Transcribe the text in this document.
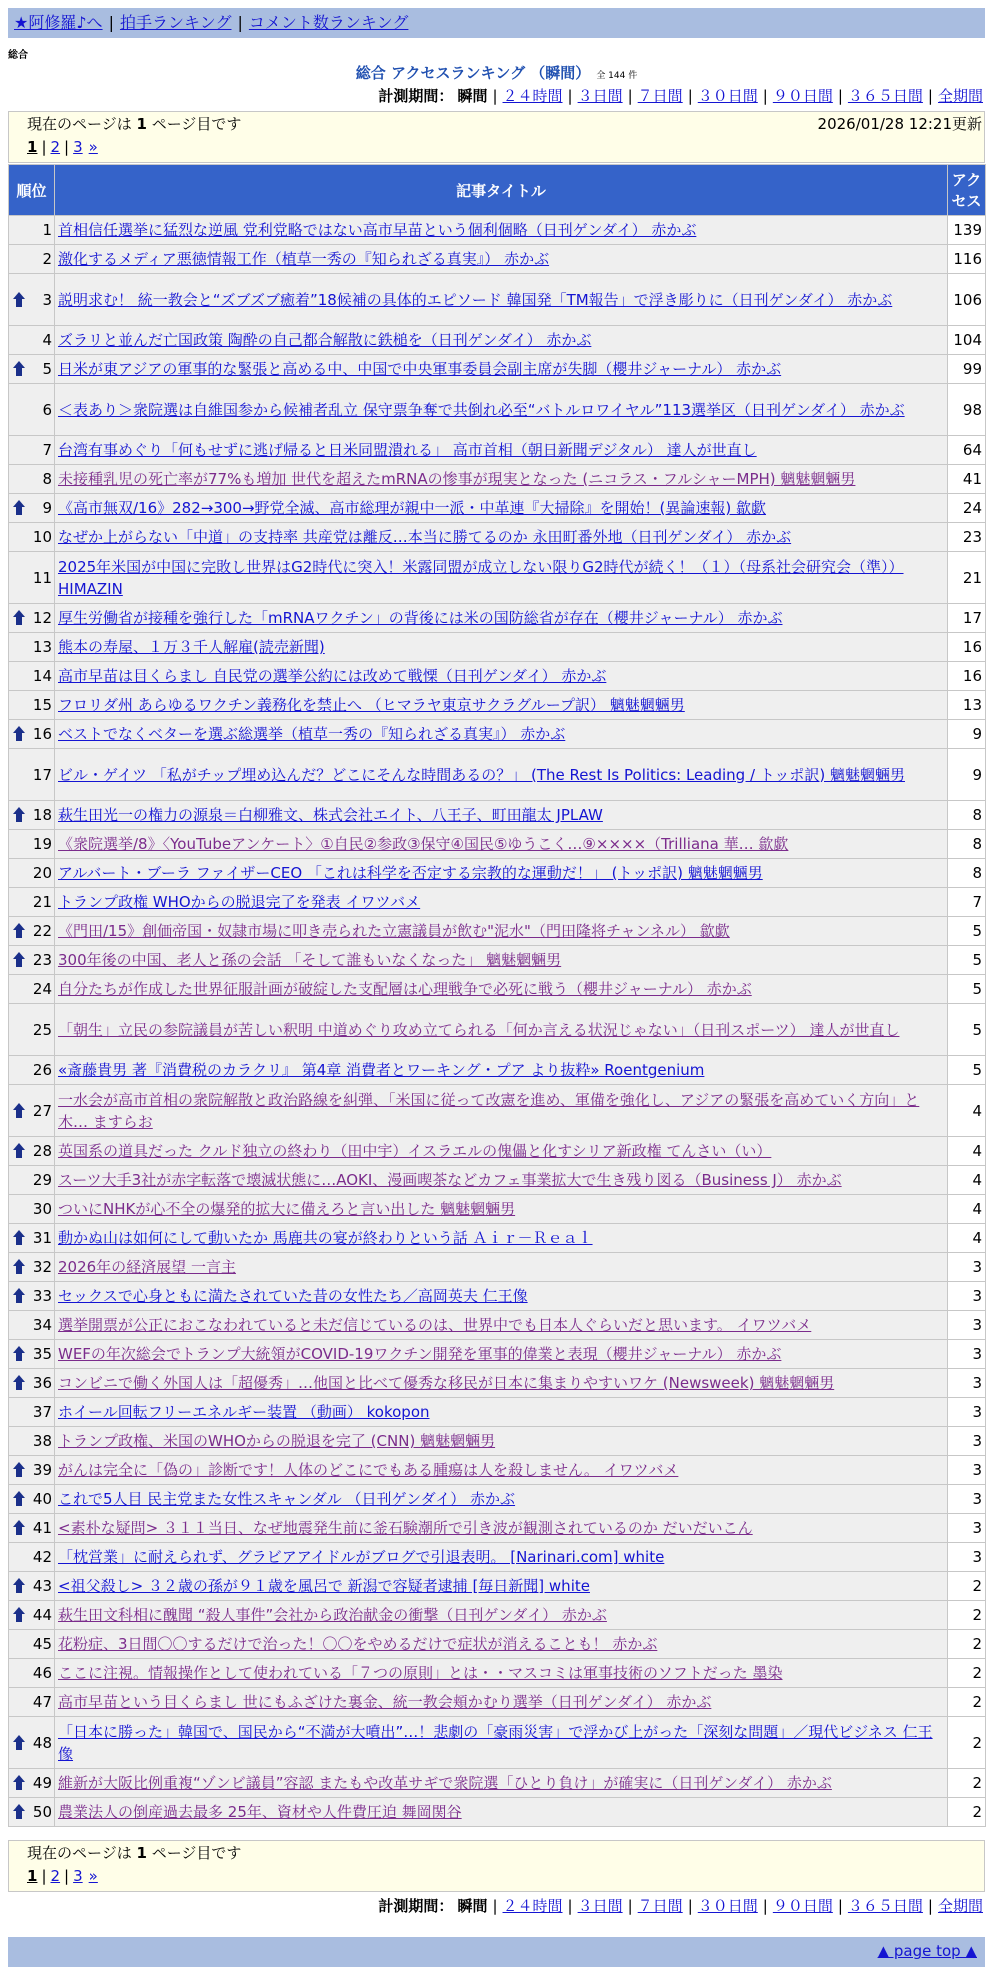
★阿修羅♪へ | 拍手ランキング | コメント数ランキング
総合
総合 アクセスランキング （瞬間） 全 144 件
計測期間： 瞬間 | ２４時間 | ３日間 | ７日間 | ３０日間 | ９０日間 | ３６５日間 | 全期間
現在のページは 1 ページ目です	2026/01/28 12:21更新
1 | 2 | 3 »
順位	記事タイトル	アクセス
1	首相信任選挙に猛烈な逆風 党利党略ではない高市早苗という個利個略（日刊ゲンダイ） 赤かぶ	139
2	激化するメディア悪徳情報工作（植草一秀の『知られざる真実』） 赤かぶ	116

3	説明求む！ 統一教会と“ズブズブ癒着”18候補の具体的エピソード 韓国発「TM報告」で浮き彫りに（日刊ゲンダイ） 赤かぶ	106
4	ズラリと並んだ亡国政策 陶酔の自己都合解散に鉄槌を（日刊ゲンダイ） 赤かぶ	104

5	日米が東アジアの軍事的な緊張と高める中、中国で中央軍事委員会副主席が失脚（櫻井ジャーナル） 赤かぶ	99
6	＜表あり＞衆院選は自維国参から候補者乱立 保守票争奪で共倒れ必至“バトルロワイヤル”113選挙区（日刊ゲンダイ） 赤かぶ	98
7	台湾有事めぐり「何もせずに逃げ帰ると日米同盟潰れる」 高市首相（朝日新聞デジタル） 達人が世直し	64
8	未接種乳児の死亡率が77%も増加 世代を超えたmRNAの惨事が現実となった (ニコラス・フルシャーMPH) 魑魅魍魎男	41

9	《高市無双/16》282→300→野党全滅、高市総理が親中一派・中革連『大掃除』を開始！(異論速報) 歙歔	24
10	なぜか上がらない「中道」の支持率 共産党は離反…本当に勝てるのか 永田町番外地（日刊ゲンダイ） 赤かぶ	23
11	2025年米国が中国に完敗し世界はG2時代に突入！米露同盟が成立しない限りG2時代が続く！（１）（母系社会研究会（準）） HIMAZIN	21

12	厚生労働省が接種を強行した「mRNAワクチン」の背後には米の国防総省が存在（櫻井ジャーナル） 赤かぶ	17
13	熊本の寿屋、１万３千人解雇(読売新聞)	16
14	高市早苗は目くらまし 自民党の選挙公約には改めて戦慄（日刊ゲンダイ） 赤かぶ	16
15	フロリダ州 あらゆるワクチン義務化を禁止へ （ヒマラヤ東京サクラグループ訳） 魑魅魍魎男	13

16	ベストでなくベターを選ぶ総選挙（植草一秀の『知られざる真実』） 赤かぶ	9
17	ビル・ゲイツ 「私がチップ埋め込んだ？どこにそんな時間あるの？」 (The Rest Is Politics: Leading / トッポ訳) 魑魅魍魎男	9

18	萩生田光一の権力の源泉＝白柳雅文、株式会社エイト、八王子、町田龍太 JPLAW	8
19	《衆院選挙/8》〈YouTubeアンケート〉①自民②参政③保守④国民⑤ゆうこく…⑨××××（Trilliana 華… 歙歔	8
20	アルバート・ブーラ ファイザーCEO 「これは科学を否定する宗教的な運動だ！」 (トッポ訳) 魑魅魍魎男	8
21	トランプ政権 WHOからの脱退完了を発表 イワツバメ	7

22	《門田/15》創価帝国・奴隷市場に叩き売られた立憲議員が飲む"泥水"（門田隆将チャンネル） 歙歔	5

23	300年後の中国、老人と孫の会話 「そして誰もいなくなった」 魑魅魍魎男	5
24	自分たちが作成した世界征服計画が破綻した支配層は心理戦争で必死に戦う（櫻井ジャーナル） 赤かぶ	5
25	「朝生」立民の参院議員が苦しい釈明 中道めぐり攻め立てられる「何か言える状況じゃない」（日刊スポーツ） 達人が世直し	5
26	«斎藤貴男 著『消費税のカラクリ』 第4章 消費者とワーキング・プア より抜粋» Roentgenium	5

27	一水会が高市首相の衆院解散と政治路線を糾弾、「米国に従って改憲を進め、軍備を強化し、アジアの緊張を高めていく方向」と木… ますらお	4

28	英国系の道具だった クルド独立の終わり（田中宇）イスラエルの傀儡と化すシリア新政権 てんさい（い）	4
29	スーツ大手3社が赤字転落で壊滅状態に…AOKI、漫画喫茶などカフェ事業拡大で生き残り図る（Business J） 赤かぶ	4
30	ついにNHKが心不全の爆発的拡大に備えろと言い出した 魑魅魍魎男	4

31	動かぬ山は如何にして動いたか 馬鹿共の宴が終わりという話 Ａｉｒ－Ｒｅａｌ	4

32	2026年の経済展望 一言主	3

33	セックスで心身ともに満たされていた昔の女性たち／高岡英夫 仁王像	3
34	選挙開票が公正におこなわれていると未だ信じているのは、世界中でも日本人ぐらいだと思います。 イワツバメ	3

35	WEFの年次総会でトランプ大統領がCOVID-19ワクチン開発を軍事的偉業と表現（櫻井ジャーナル） 赤かぶ	3

36	コンビニで働く外国人は「超優秀」…他国と比べて優秀な移民が日本に集まりやすいワケ (Newsweek) 魑魅魍魎男	3
37	ホイール回転フリーエネルギー装置 （動画） kokopon	3
38	トランプ政権、米国のWHOからの脱退を完了 (CNN) 魑魅魍魎男	3

39	がんは完全に「偽の」診断です！人体のどこにでもある腫瘍は人を殺しません。 イワツバメ	3

40	これで5人目 民主党また女性スキャンダル （日刊ゲンダイ） 赤かぶ	3

41	<素朴な疑問> ３１１当日、なぜ地震発生前に釜石験潮所で引き波が観測されているのか だいだいこん	3
42	「枕営業」に耐えられず、グラビアアイドルがブログで引退表明。 [Narinari.com] white	3

43	<祖父殺し> ３２歳の孫が９１歳を風呂で 新潟で容疑者逮捕 [毎日新聞] white	2

44	萩生田文科相に醜聞 “殺人事件”会社から政治献金の衝撃（日刊ゲンダイ） 赤かぶ	2
45	花粉症、3日間〇〇するだけで治った！〇〇をやめるだけで症状が消えることも！ 赤かぶ	2
46	ここに注視。情報操作として使われている「７つの原則」とは・・マスコミは軍事技術のソフトだった 墨染	2
47	高市早苗という目くらまし 世にもふざけた裏金、統一教会頬かむり選挙（日刊ゲンダイ） 赤かぶ	2

48	「日本に勝った」韓国で、国民から“不満が大噴出”…！悲劇の「豪雨災害」で浮かび上がった「深刻な問題」／現代ビジネス 仁王像	2

49	維新が大阪比例重複“ゾンビ議員”容認 またもや改革サギで衆院選「ひとり負け」が確実に（日刊ゲンダイ） 赤かぶ	2

50	農業法人の倒産過去最多 25年、資材や人件費圧迫 舞岡関谷	2
現在のページは 1 ページ目です
1 | 2 | 3 »
計測期間： 瞬間 | ２４時間 | ３日間 | ７日間 | ３０日間 | ９０日間 | ３６５日間 | 全期間
▲ page top ▲
